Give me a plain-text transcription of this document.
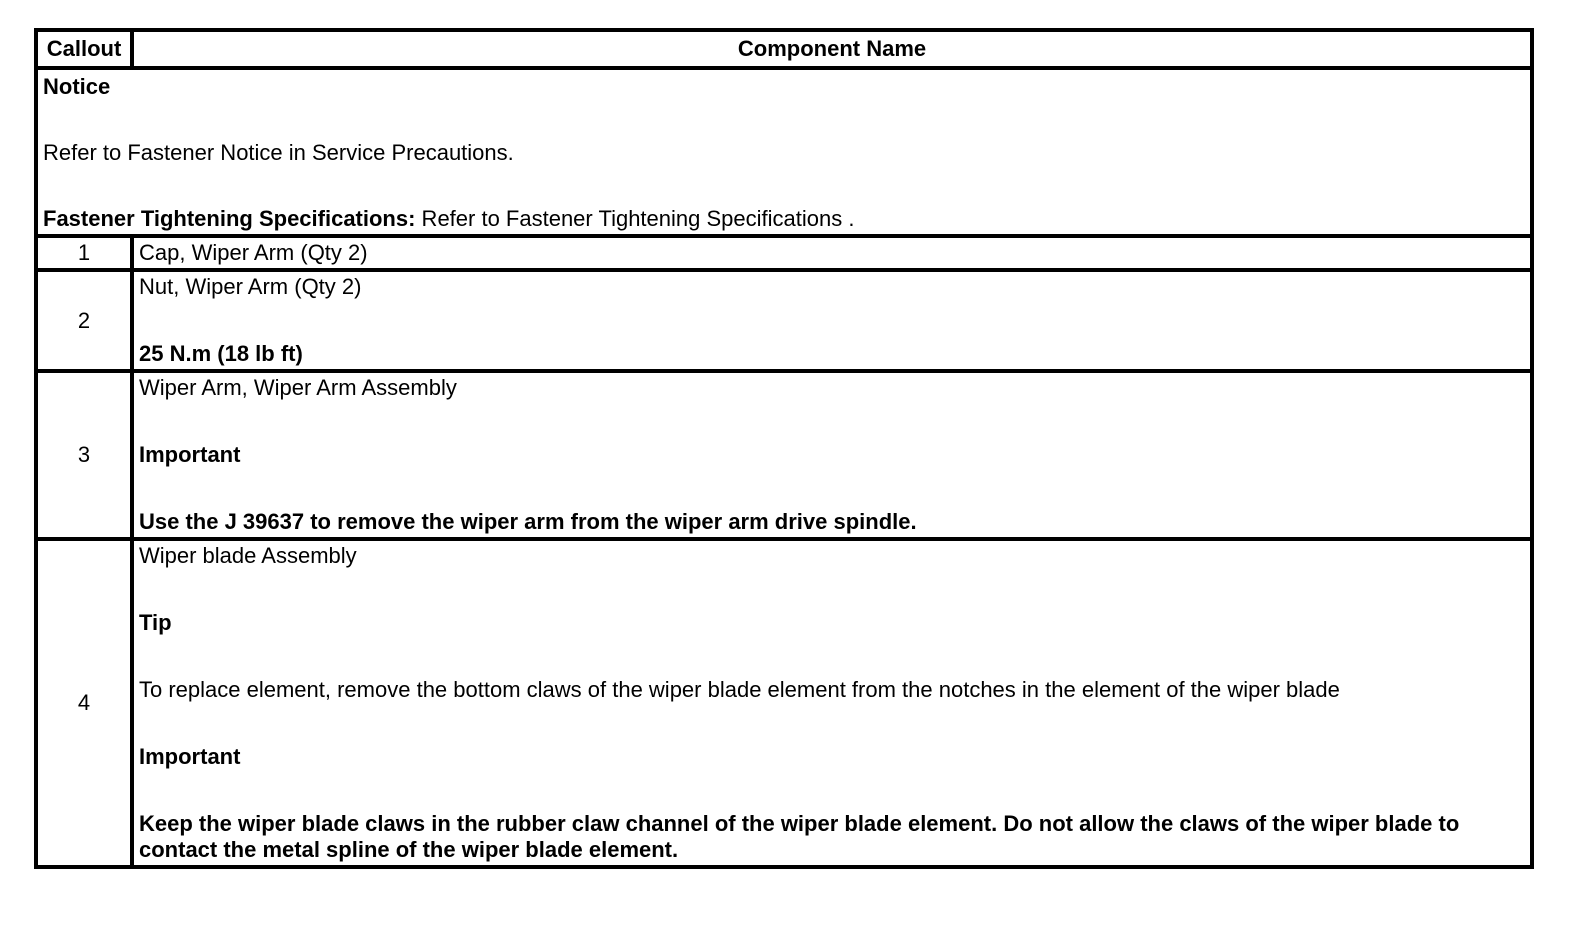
Callout	Component Name

Notice
Refer to Fastener Notice in Service Precautions.
Fastener Tightening Specifications: Refer to Fastener Tightening Specifications .	

1	Cap, Wiper Arm (Qty 2)

2	Nut, Wiper Arm (Qty 2)
25 N.m (18 lb ft)

3	Wiper Arm, Wiper Arm Assembly
Important
Use the J 39637 to remove the wiper arm from the wiper arm drive spindle.

4	Wiper blade Assembly
Tip
To replace element, remove the bottom claws of the wiper blade element from the notches in the element of the wiper blade
Important
Keep the wiper blade claws in the rubber claw channel of the wiper blade element. Do not allow the claws of the wiper blade to contact the metal spline of the wiper blade element.
